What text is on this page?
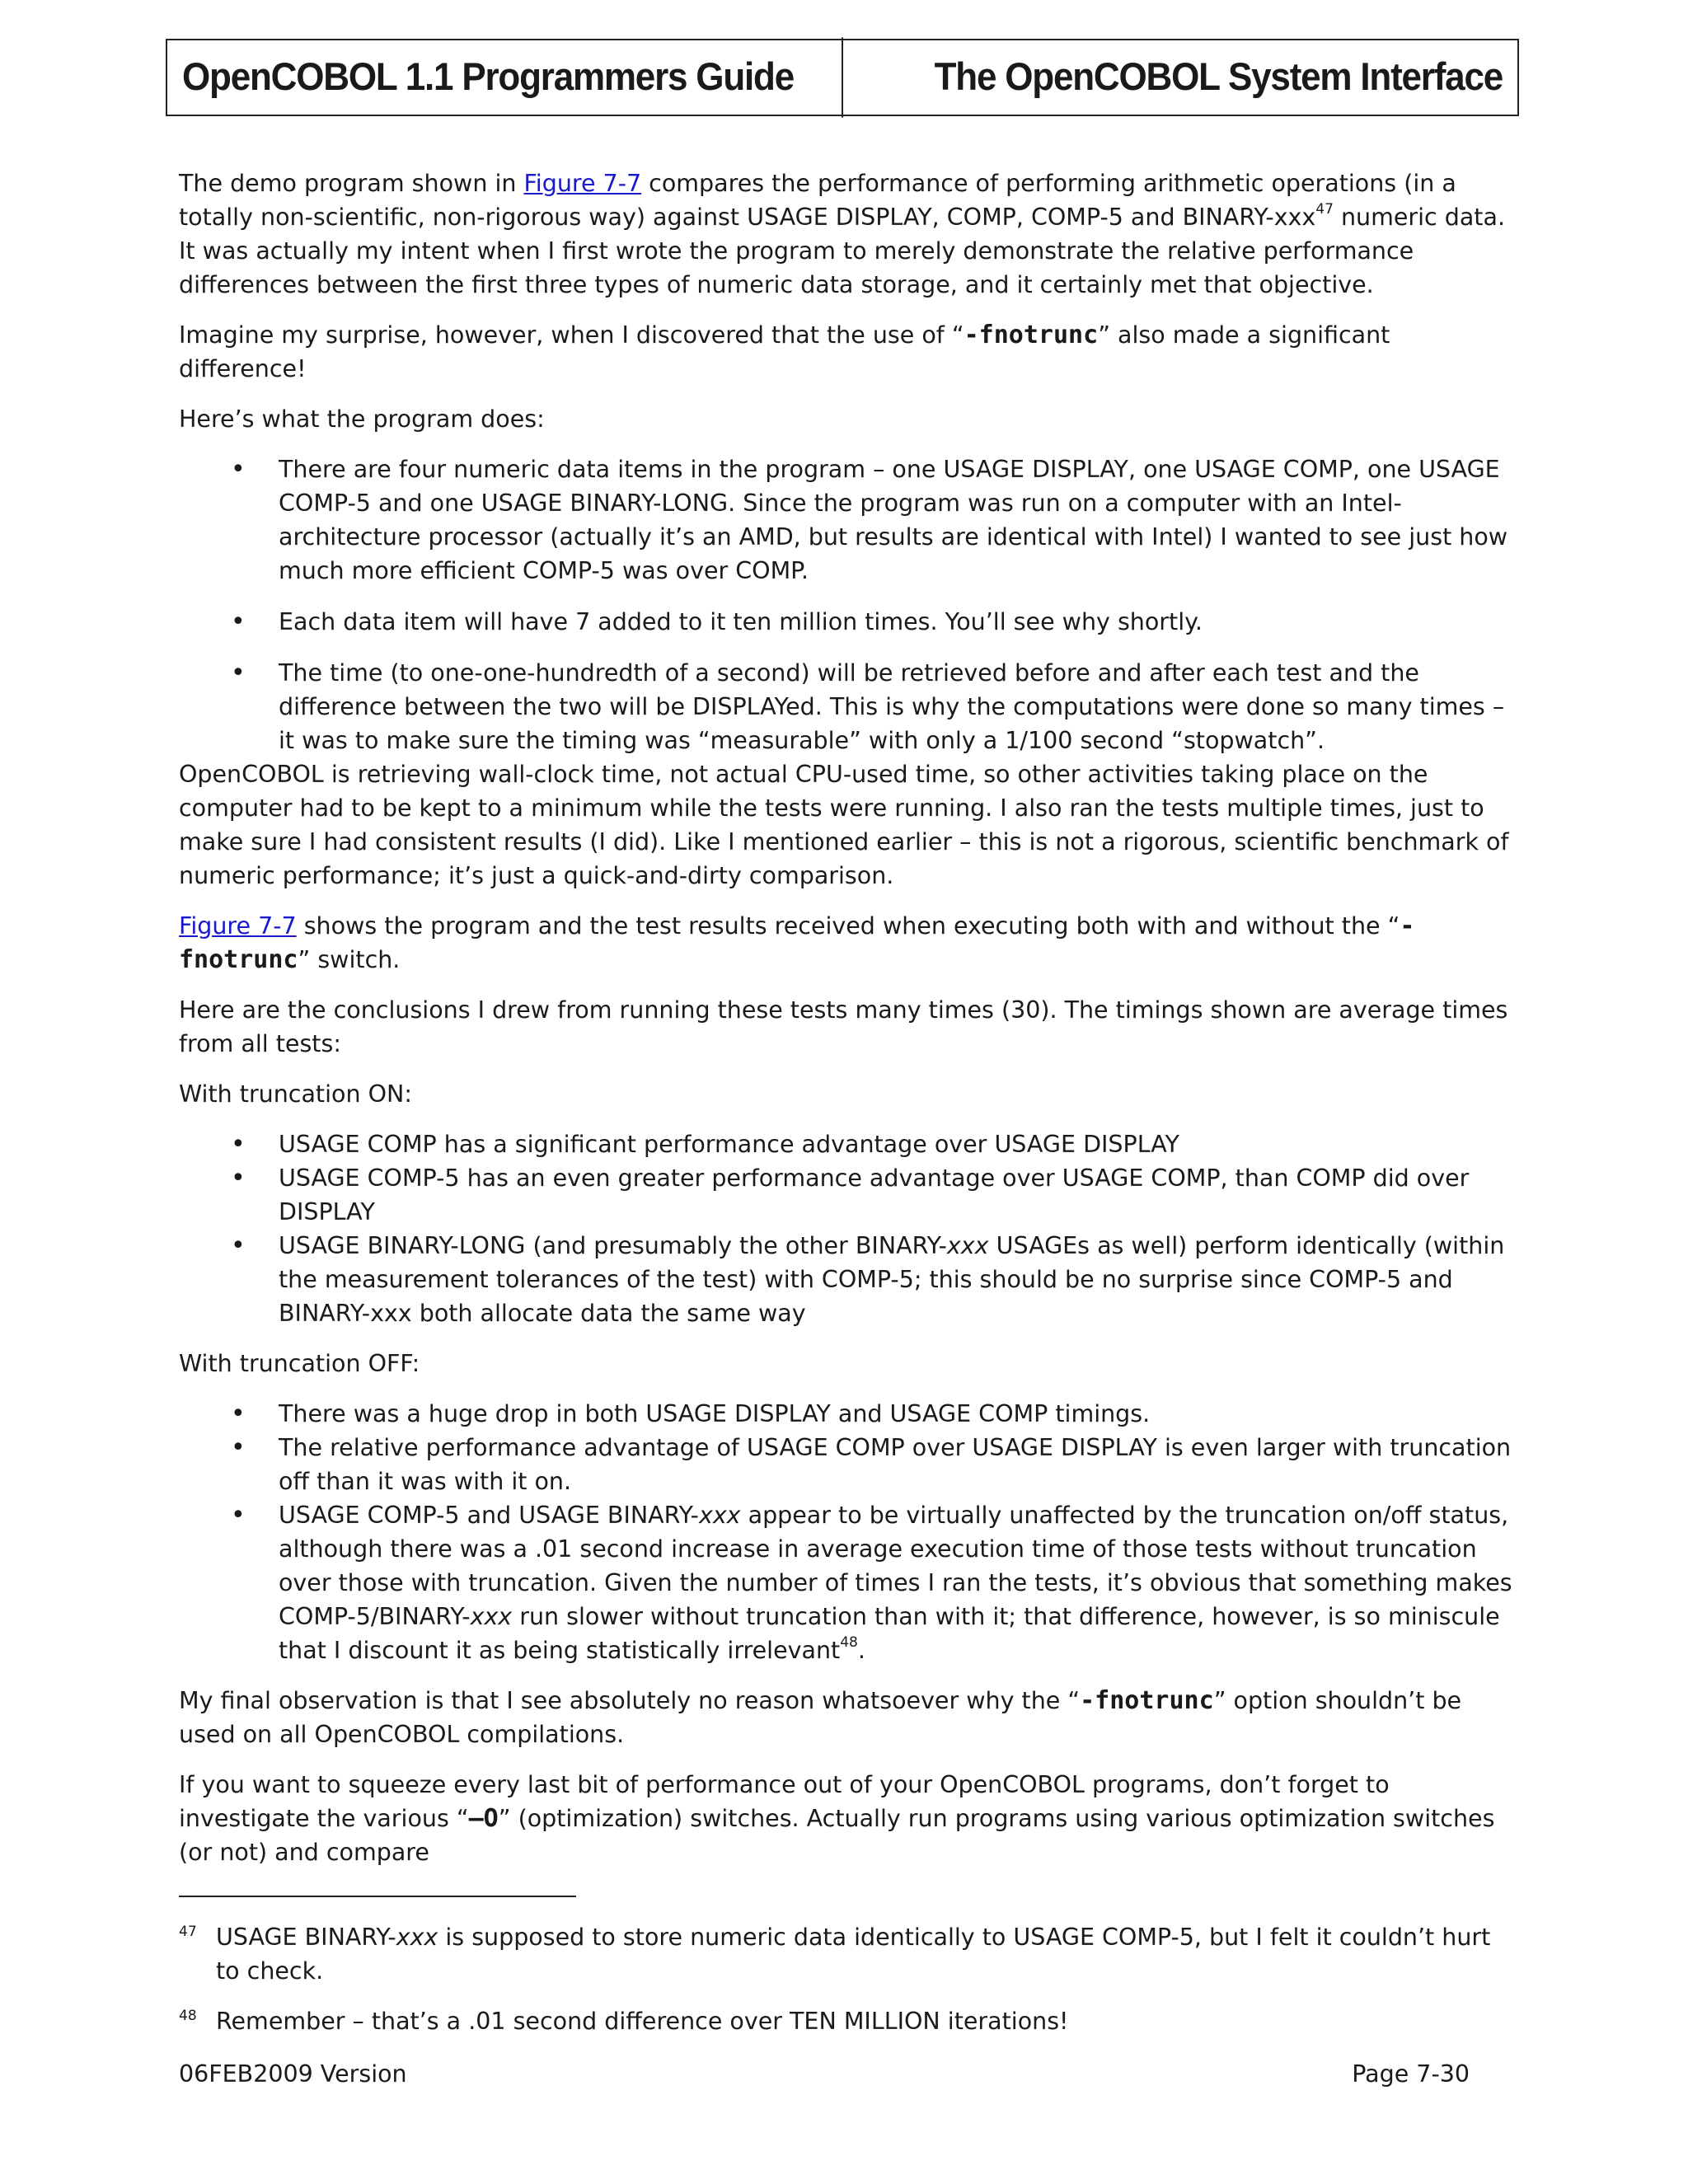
OpenCOBOL 1.1 Programmers Guide	The OpenCOBOL System Interface

The demo program shown in Figure 7-7 compares the performance of performing arithmetic operations (in a totally non-scientific, non-rigorous way) against USAGE DISPLAY, COMP, COMP-5 and BINARY-xxx$^{47}$ numeric data. It was actually my intent when I first wrote the program to merely demonstrate the relative performance differences between the first three types of numeric data storage, and it certainly met that objective.

Imagine my surprise, however, when I discovered that the use of “-fnotrunc” also made a significant difference!

Here’s what the program does:

• There are four numeric data items in the program – one USAGE DISPLAY, one USAGE COMP, one USAGE COMP-5 and one USAGE BINARY-LONG. Since the program was run on a computer with an Intel-architecture processor (actually it’s an AMD, but results are identical with Intel) I wanted to see just how much more efficient COMP-5 was over COMP.
• Each data item will have 7 added to it ten million times. You’ll see why shortly.
• The time (to one-one-hundredth of a second) will be retrieved before and after each test and the difference between the two will be DISPLAYed. This is why the computations were done so many times – it was to make sure the timing was “measurable” with only a 1/100 second “stopwatch”.

OpenCOBOL is retrieving wall-clock time, not actual CPU-used time, so other activities taking place on the computer had to be kept to a minimum while the tests were running. I also ran the tests multiple times, just to make sure I had consistent results (I did). Like I mentioned earlier – this is not a rigorous, scientific benchmark of numeric performance; it’s just a quick-and-dirty comparison.

Figure 7-7 shows the program and the test results received when executing both with and without the “-fnotrunc” switch.

Here are the conclusions I drew from running these tests many times (30). The timings shown are average times from all tests:

With truncation ON:

• USAGE COMP has a significant performance advantage over USAGE DISPLAY
• USAGE COMP-5 has an even greater performance advantage over USAGE COMP, than COMP did over DISPLAY
• USAGE BINARY-LONG (and presumably the other BINARY-xxx USAGEs as well) perform identically (within the measurement tolerances of the test) with COMP-5; this should be no surprise since COMP-5 and BINARY-xxx both allocate data the same way

With truncation OFF:

• There was a huge drop in both USAGE DISPLAY and USAGE COMP timings.
• The relative performance advantage of USAGE COMP over USAGE DISPLAY is even larger with truncation off than it was with it on.
• USAGE COMP-5 and USAGE BINARY-xxx appear to be virtually unaffected by the truncation on/off status, although there was a .01 second increase in average execution time of those tests without truncation over those with truncation. Given the number of times I ran the tests, it’s obvious that something makes COMP-5/BINARY-xxx run slower without truncation than with it; that difference, however, is so miniscule that I discount it as being statistically irrelevant$^{48}$.

My final observation is that I see absolutely no reason whatsoever why the “-fnotrunc” option shouldn’t be used on all OpenCOBOL compilations.

If you want to squeeze every last bit of performance out of your OpenCOBOL programs, don’t forget to investigate the various “–O” (optimization) switches. Actually run programs using various optimization switches (or not) and compare

47 USAGE BINARY-xxx is supposed to store numeric data identically to USAGE COMP-5, but I felt it couldn’t hurt to check.
48 Remember – that’s a .01 second difference over TEN MILLION iterations!
06FEB2009 Version	Page 7-30
